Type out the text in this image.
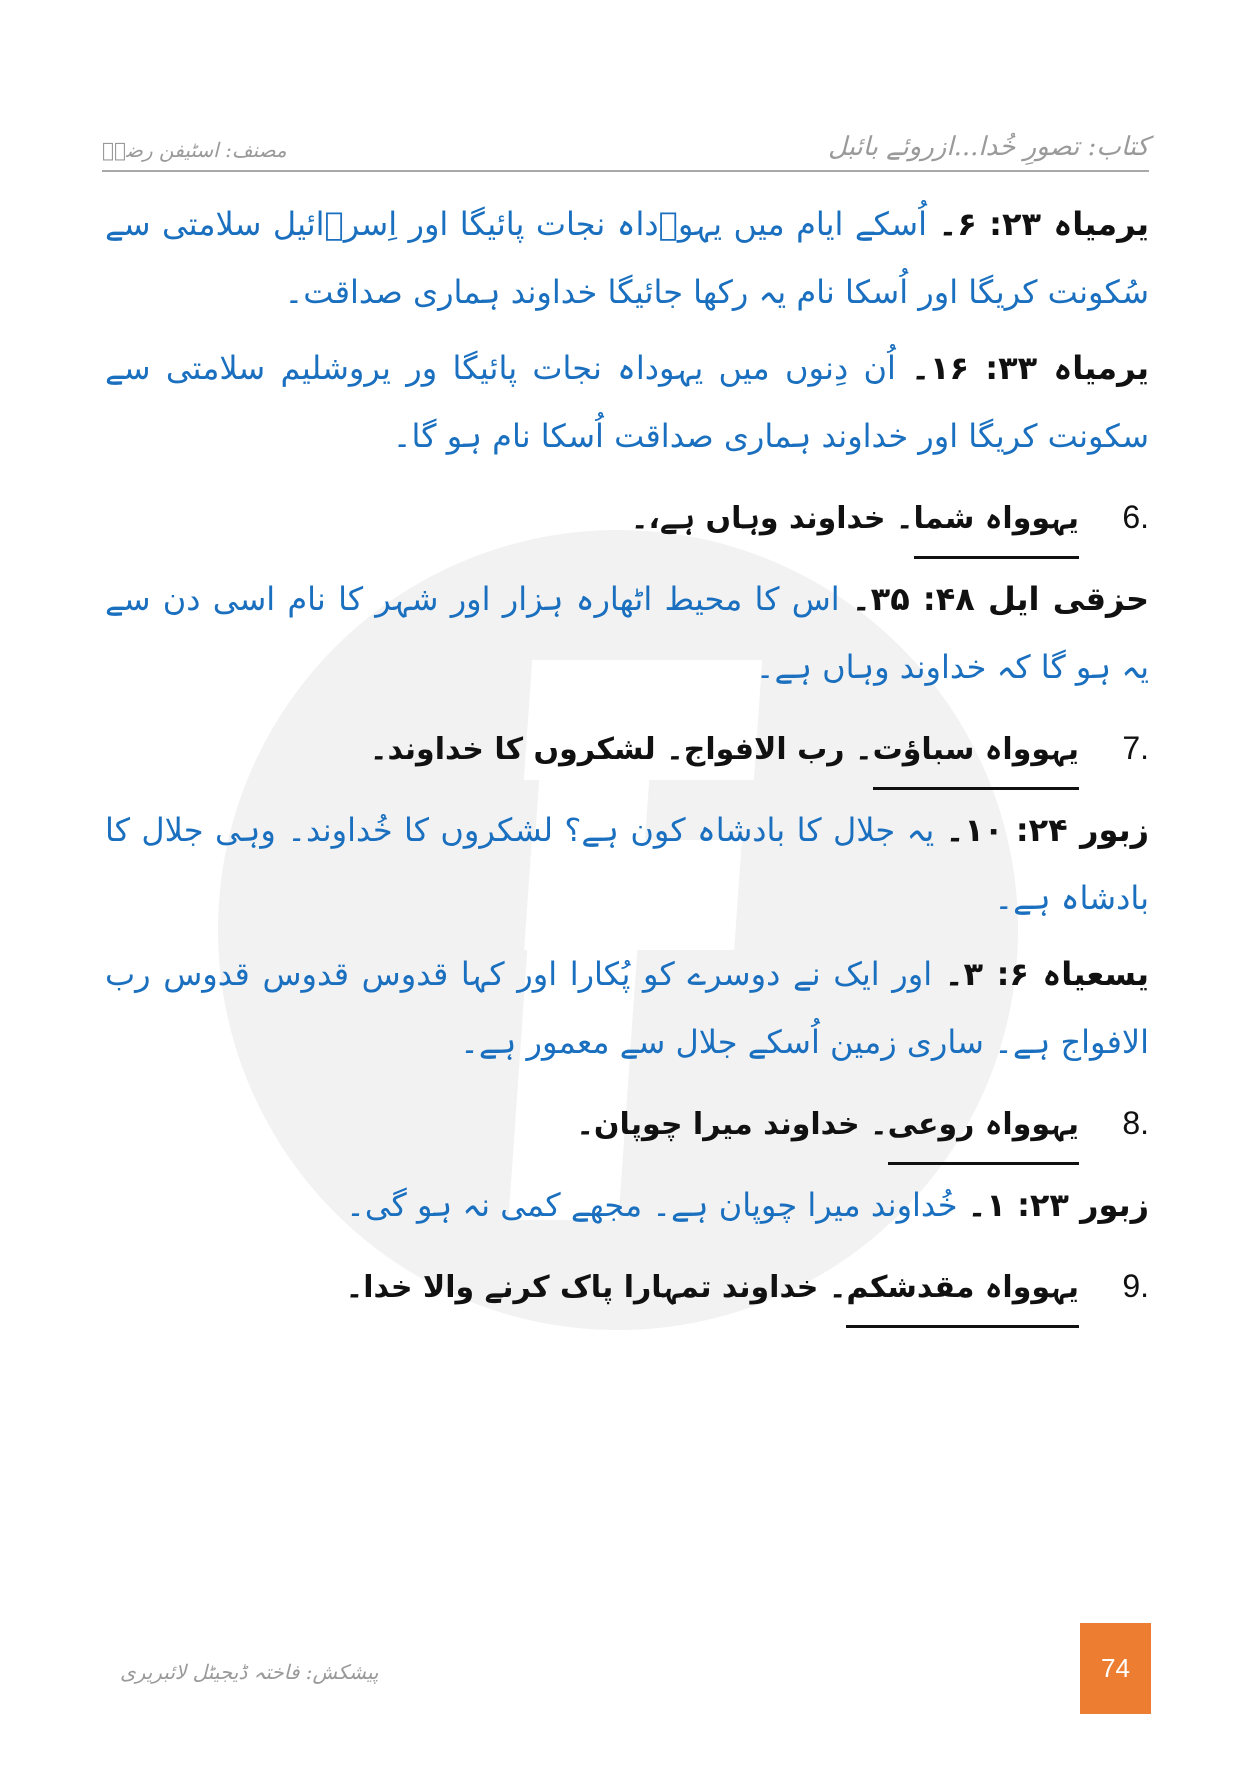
مصنف: اسٹیفن رضاؔ	کتاب: تصورِ خُدا...ازروئے بائبل

یرمیاہ ۲۳: ۶۔ اُسکے ایام میں یہوؔداہ نجات پائیگا اور اِسرؔائیل سلامتی سے سُکونت کریگا اور اُسکا نام یہ رکھا جائیگا خداوند ہماری صداقت۔

یرمیاہ ۳۳: ۱۶۔ اُن دِنوں میں یہوداہ نجات پائیگا ور یروشلیم سلامتی سے سکونت کریگا اور خداوند ہماری صداقت اُسکا نام ہو گا۔

6.
یہوواہ شما
۔ خداوند وہاں ہے،۔

حزقی ایل ۴۸: ۳۵۔ اس کا محیط اٹھارہ ہزار اور شہر کا نام اسی دن سے یہ ہو گا کہ خداوند وہاں ہے۔

7.
یہوواہ سباؤت
۔ رب الافواج۔ لشکروں کا خداوند۔

زبور ۲۴: ۱۰۔ یہ جلال کا بادشاہ کون ہے؟ لشکروں کا خُداوند۔ وہی جلال کا بادشاہ ہے۔

یسعیاہ ۶: ۳۔ اور ایک نے دوسرے کو پُکارا اور کہا قدوس قدوس قدوس رب الافواج ہے۔ ساری زمین اُسکے جلال سے معمور ہے۔

8.
یہوواہ روعی
۔ خداوند میرا چوپان۔

زبور ۲۳: ۱۔ خُداوند میرا چوپان ہے۔ مجھے کمی نہ ہو گی۔

9.
یہوواہ مقدشکم
۔ خداوند تمہارا پاک کرنے والا خدا۔
پیشکش: فاختہ ڈیجیٹل لائبریری	74
